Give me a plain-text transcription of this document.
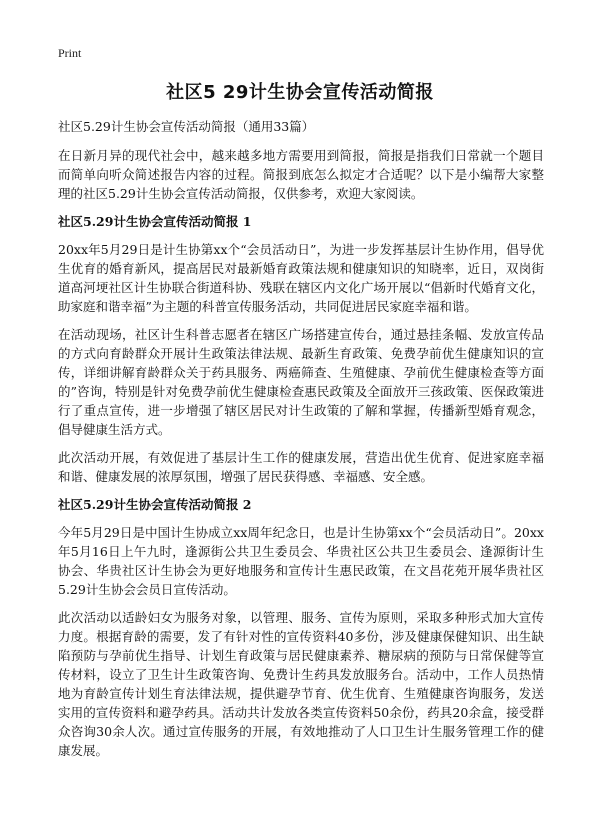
Print
社区5 29计生协会宣传活动简报

社区5.29计生协会宣传活动简报（通用33篇）

在日新月异的现代社会中，越来越多地方需要用到简报，简报是指我们日常就一个题目而简单向听众简述报告内容的过程。简报到底怎么拟定才合适呢？以下是小编帮大家整理的社区5.29计生协会宣传活动简报，仅供参考，欢迎大家阅读。

社区5.29计生协会宣传活动简报 1

20xx年5月29日是计生协第xx个“会员活动日”，为进一步发挥基层计生协作用，倡导优生优育的婚育新风，提高居民对最新婚育政策法规和健康知识的知晓率，近日，双岗街道高河埂社区计生协联合街道科协、残联在辖区内文化广场开展以“倡新时代婚育文化，助家庭和谐幸福”为主题的科普宣传服务活动，共同促进居民家庭幸福和谐。

在活动现场，社区计生科普志愿者在辖区广场搭建宣传台，通过悬挂条幅、发放宣传品的方式向育龄群众开展计生政策法律法规、最新生育政策、免费孕前优生健康知识的宣传，详细讲解育龄群众关于药具服务、两癌筛查、生殖健康、孕前优生健康检查等方面的”咨询，特别是针对免费孕前优生健康检查惠民政策及全面放开三孩政策、医保政策进行了重点宣传，进一步增强了辖区居民对计生政策的了解和掌握，传播新型婚育观念，倡导健康生活方式。

此次活动开展，有效促进了基层计生工作的健康发展，营造出优生优育、促进家庭幸福和谐、健康发展的浓厚氛围，增强了居民获得感、幸福感、安全感。

社区5.29计生协会宣传活动简报 2

今年5月29日是中国计生协成立xx周年纪念日，也是计生协第xx个“会员活动日”。20xx年5月16日上午九时，逢源街公共卫生委员会、华贵社区公共卫生委员会、逢源街计生协会、华贵社区计生协会为更好地服务和宣传计生惠民政策，在文昌花苑开展华贵社区5.29计生协会会员日宣传活动。

此次活动以适龄妇女为服务对象，以管理、服务、宣传为原则，采取多种形式加大宣传力度。根据育龄的需要，发了有针对性的宣传资料40多份，涉及健康保健知识、出生缺陷预防与孕前优生指导、计划生育政策与居民健康素养、糖尿病的预防与日常保健等宣传材料，设立了卫生计生政策咨询、免费计生药具发放服务台。活动中，工作人员热情地为育龄宣传计划生育法律法规，提供避孕节育、优生优育、生殖健康咨询服务，发送实用的宣传资料和避孕药具。活动共计发放各类宣传资料50余份，药具20余盒，接受群众咨询30余人次。通过宣传服务的开展，有效地推动了人口卫生计生服务管理工作的健康发展。
